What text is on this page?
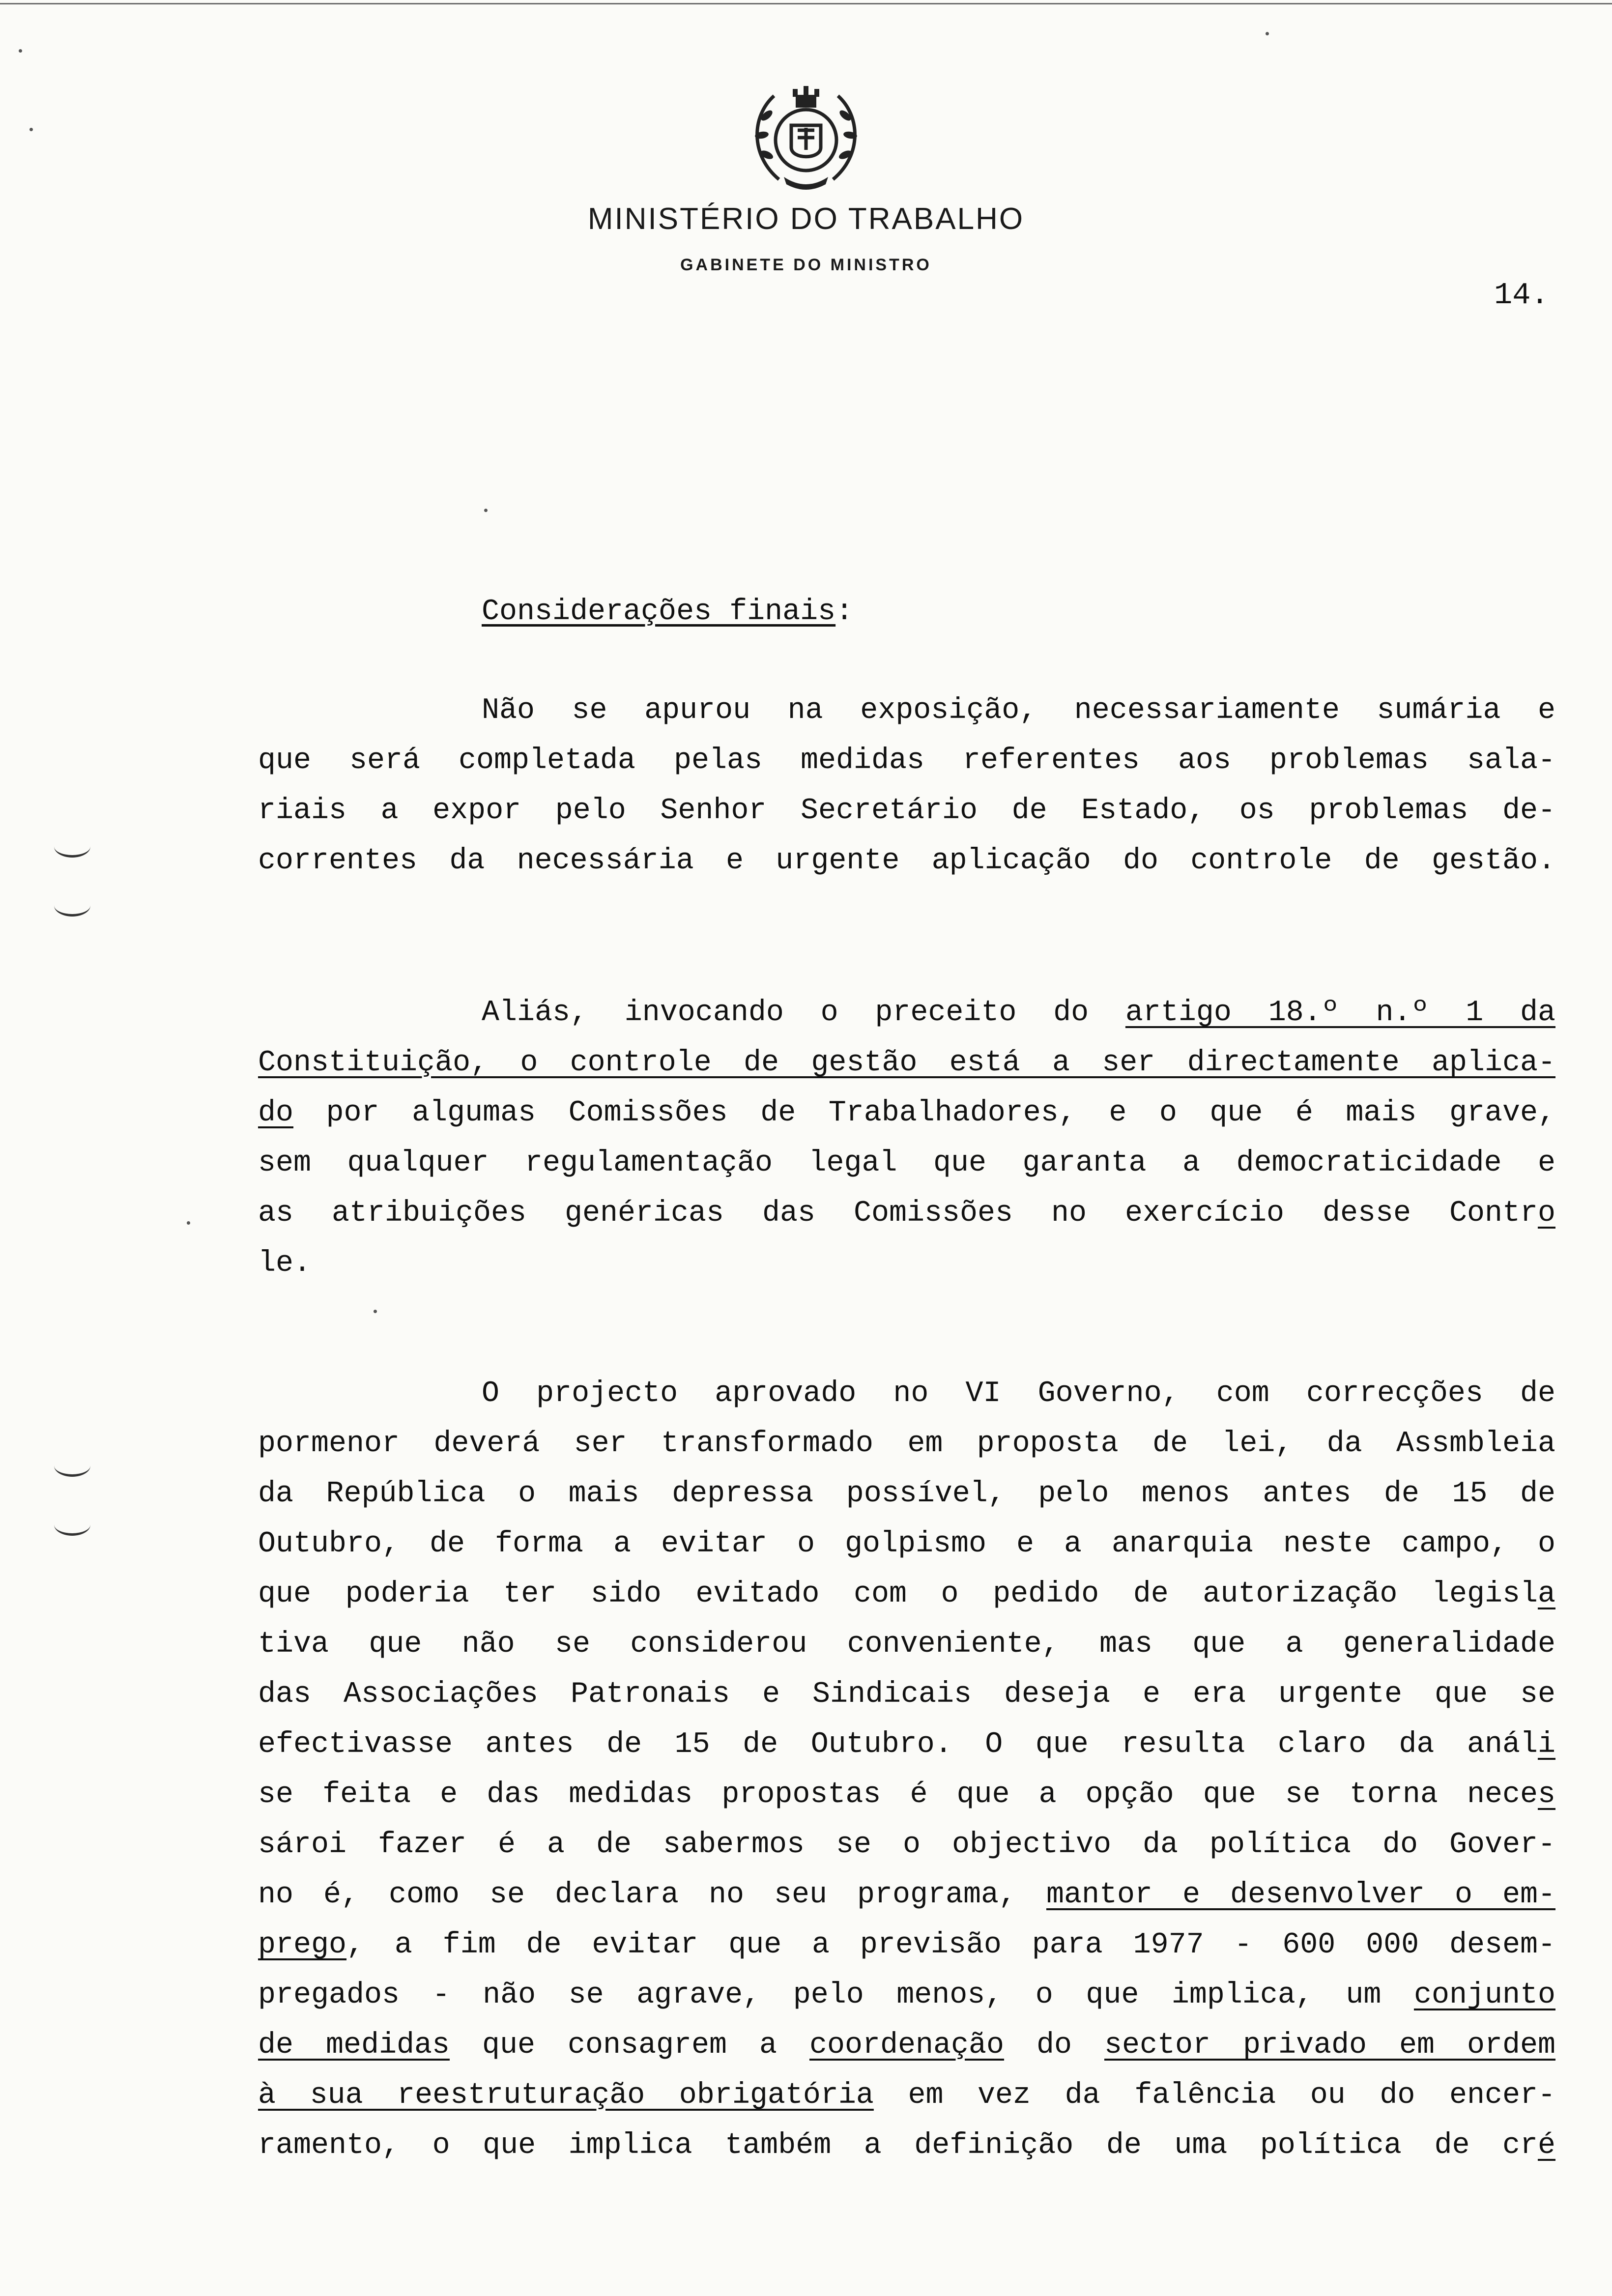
MINISTÉRIO DO TRABALHO
GABINETE DO MINISTRO
14.
Considerações finais:
Não se apurou na exposição, necessariamente sumária e
que será completada pelas medidas referentes aos problemas sala-
riais a expor pelo Senhor Secretário de Estado, os problemas de-
correntes da necessária e urgente aplicação do controle de gestão.
Aliás, invocando o preceito do artigo 18.º n.º 1 da
Constituição, o controle de gestão está a ser directamente aplica-
do por algumas Comissões de Trabalhadores, e o que é mais grave,
sem qualquer regulamentação legal que garanta a democraticidade e
as atribuições genéricas das Comissões no exercício desse Contro
le.
O projecto aprovado no VI Governo, com correcções de
pormenor deverá ser transformado em proposta de lei, da Assmbleia
da República o mais depressa possível, pelo menos antes de 15 de
Outubro, de forma a evitar o golpismo e a anarquia neste campo, o
que poderia ter sido evitado com o pedido de autorização legisla
tiva que não se considerou conveniente, mas que a generalidade
das Associações Patronais e Sindicais deseja e era urgente que se
efectivasse antes de 15 de Outubro. O que resulta claro da análi
se feita e das medidas propostas é que a opção que se torna neces
sároi fazer é a de sabermos se o objectivo da política do Gover-
no é, como se declara no seu programa, mantor e desenvolver o em-
prego, a fim de evitar que a previsão para 1977 - 600 000 desem-
pregados - não se agrave, pelo menos, o que implica, um conjunto
de medidas que consagrem a coordenação do sector privado em ordem
à sua reestruturação obrigatória em vez da falência ou do encer-
ramento, o que implica também a definição de uma política de cré
